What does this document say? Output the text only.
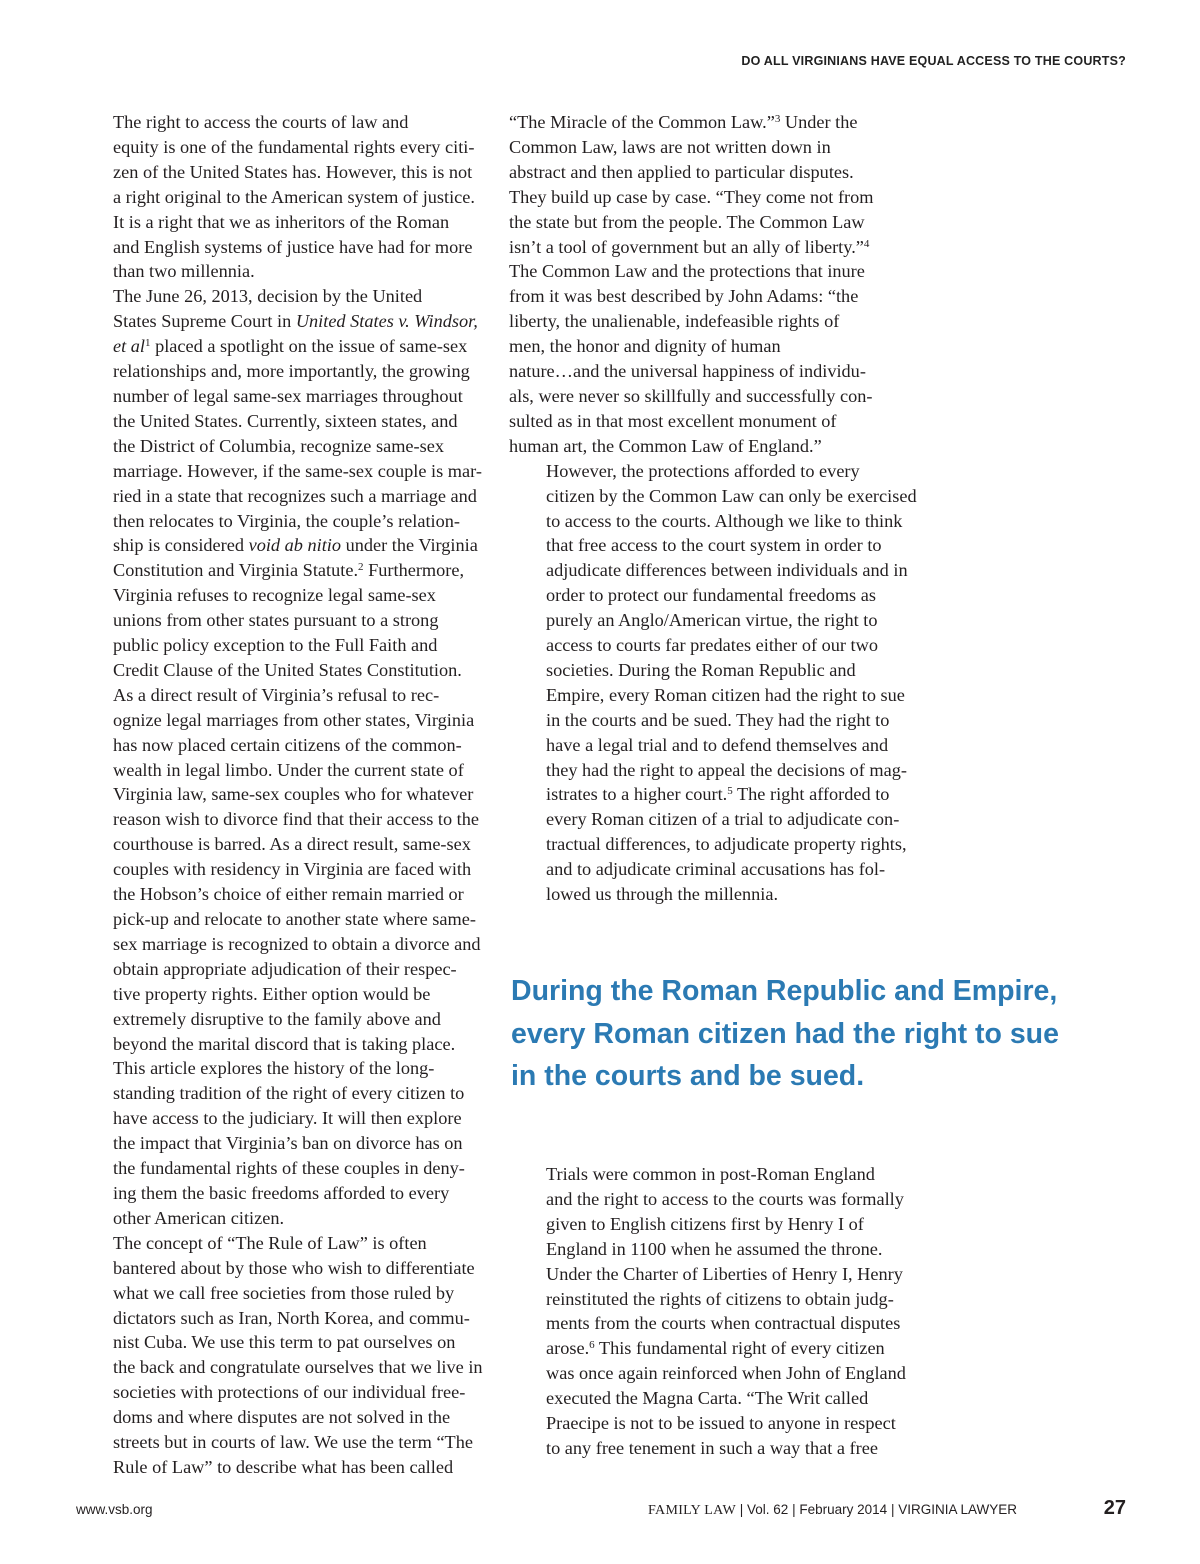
DO ALL VIRGINIANS HAVE EQUAL ACCESS TO THE COURTS?

The right to access the courts of law and
equity is one of the fundamental rights every citi-
zen of the United States has. However, this is not
a right original to the American system of justice.
It is a right that we as inheritors of the Roman
and English systems of justice have had for more
than two millennia.

The June 26, 2013, decision by the United
States Supreme Court in United States v. Windsor,
et $al^1$ placed a spotlight on the issue of same-sex
relationships and, more importantly, the growing
number of legal same-sex marriages throughout
the United States. Currently, sixteen states, and
the District of Columbia, recognize same-sex
marriage. However, if the same-sex couple is mar-
ried in a state that recognizes such a marriage and
then relocates to Virginia, the couple’s relation-
ship is considered void ab nitio under the Virginia
Constitution and Virginia Statute.$^2$ Furthermore,
Virginia refuses to recognize legal same-sex
unions from other states pursuant to a strong
public policy exception to the Full Faith and
Credit Clause of the United States Constitution.

As a direct result of Virginia’s refusal to rec-
ognize legal marriages from other states, Virginia
has now placed certain citizens of the common-
wealth in legal limbo. Under the current state of
Virginia law, same-sex couples who for whatever
reason wish to divorce find that their access to the
courthouse is barred. As a direct result, same-sex
couples with residency in Virginia are faced with
the Hobson’s choice of either remain married or
pick-up and relocate to another state where same-
sex marriage is recognized to obtain a divorce and
obtain appropriate adjudication of their respec-
tive property rights. Either option would be
extremely disruptive to the family above and
beyond the marital discord that is taking place.

This article explores the history of the long-
standing tradition of the right of every citizen to
have access to the judiciary. It will then explore
the impact that Virginia’s ban on divorce has on
the fundamental rights of these couples in deny-
ing them the basic freedoms afforded to every
other American citizen.

The concept of “The Rule of Law” is often
bantered about by those who wish to differentiate
what we call free societies from those ruled by
dictators such as Iran, North Korea, and commu-
nist Cuba. We use this term to pat ourselves on
the back and congratulate ourselves that we live in
societies with protections of our individual free-
doms and where disputes are not solved in the
streets but in courts of law. We use the term “The
Rule of Law” to describe what has been called

“The Miracle of the Common Law.”$^3$ Under the
Common Law, laws are not written down in
abstract and then applied to particular disputes.
They build up case by case. “They come not from
the state but from the people. The Common Law
isn’t a tool of government but an ally of liberty.”$^4$
The Common Law and the protections that inure
from it was best described by John Adams: “the
liberty, the unalienable, indefeasible rights of
men, the honor and dignity of human
nature…and the universal happiness of individu-
als, were never so skillfully and successfully con-
sulted as in that most excellent monument of
human art, the Common Law of England.”

However, the protections afforded to every
citizen by the Common Law can only be exercised
to access to the courts. Although we like to think
that free access to the court system in order to
adjudicate differences between individuals and in
order to protect our fundamental freedoms as
purely an Anglo/American virtue, the right to
access to courts far predates either of our two
societies. During the Roman Republic and
Empire, every Roman citizen had the right to sue
in the courts and be sued. They had the right to
have a legal trial and to defend themselves and
they had the right to appeal the decisions of mag-
istrates to a higher court.$^5$ The right afforded to
every Roman citizen of a trial to adjudicate con-
tractual differences, to adjudicate property rights,
and to adjudicate criminal accusations has fol-
lowed us through the millennia.

During the Roman Republic and Empire,
every Roman citizen had the right to sue
in the courts and be sued.

Trials were common in post-Roman England
and the right to access to the courts was formally
given to English citizens first by Henry I of
England in 1100 when he assumed the throne.
Under the Charter of Liberties of Henry I, Henry
reinstituted the rights of citizens to obtain judg-
ments from the courts when contractual disputes
arose.$^6$ This fundamental right of every citizen
was once again reinforced when John of England
executed the Magna Carta. “The Writ called
Praecipe is not to be issued to anyone in respect
to any free tenement in such a way that a free

www.vsb.org	FAMILY LAW | Vol. 62 | February 2014 | VIRGINIA LAWYER	27
